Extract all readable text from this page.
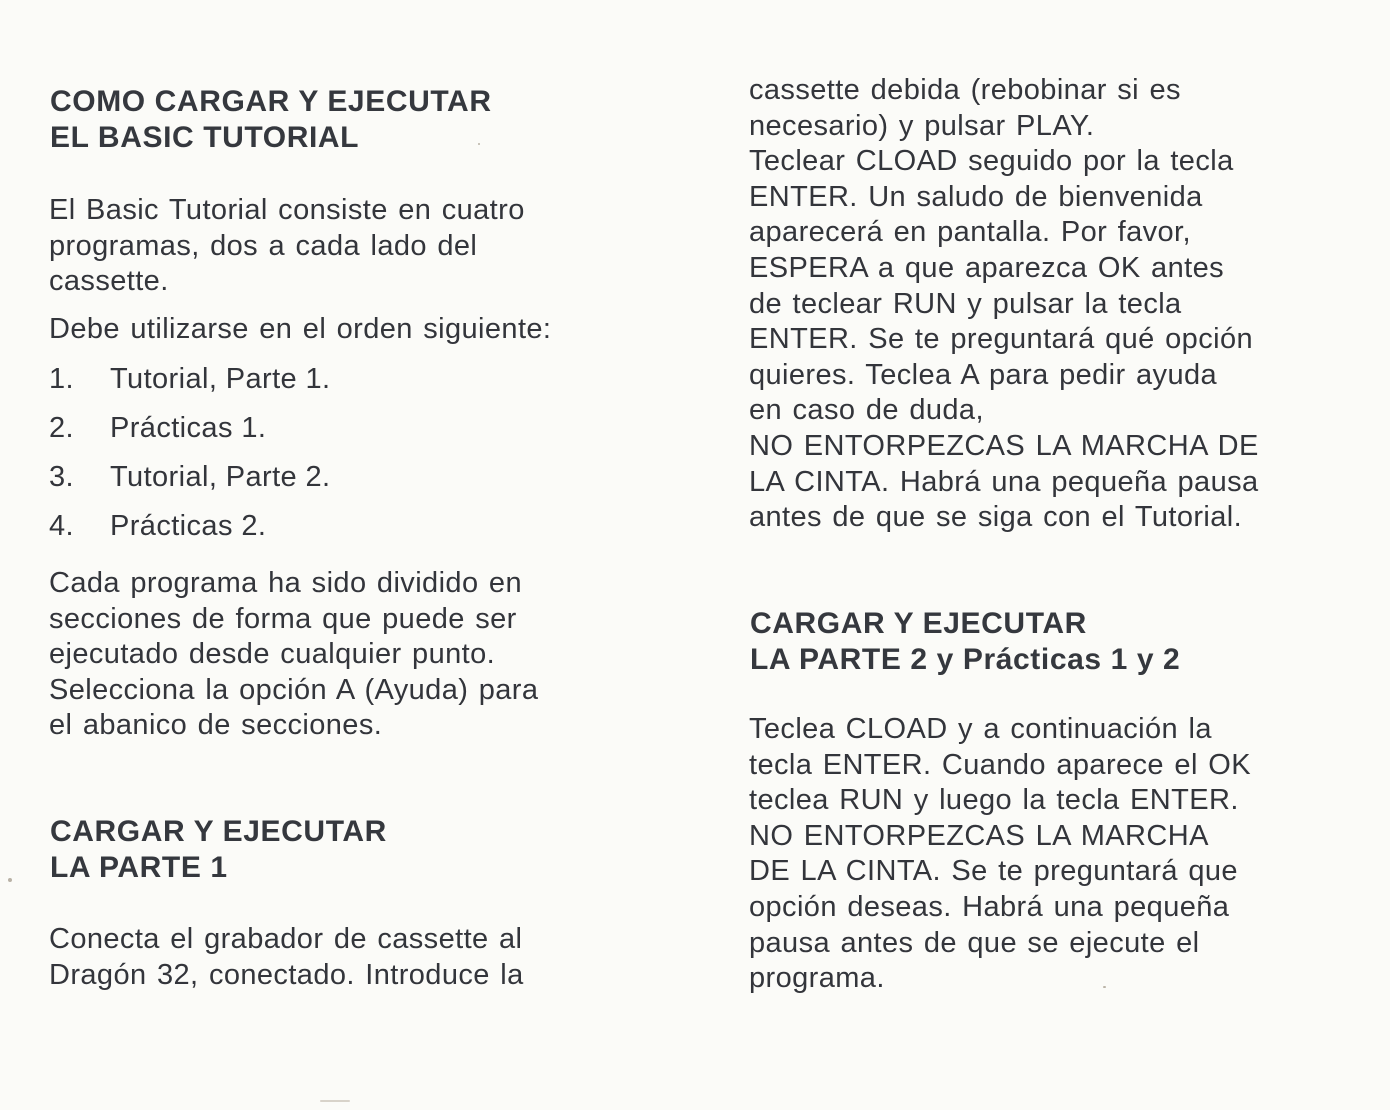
COMO CARGAR Y EJECUTAR
EL BASIC TUTORIAL

El Basic Tutorial consiste en cuatro
programas, dos a cada lado del
cassette.

Debe utilizarse en el orden siguiente:

1. Tutorial, Parte 1.
2. Prácticas 1.
3. Tutorial, Parte 2.
4. Prácticas 2.

Cada programa ha sido dividido en
secciones de forma que puede ser
ejecutado desde cualquier punto.
Selecciona la opción A (Ayuda) para
el abanico de secciones.

CARGAR Y EJECUTAR
LA PARTE 1

Conecta el grabador de cassette al
Dragón 32, conectado. Introduce la

cassette debida (rebobinar si es
necesario) y pulsar PLAY.
Teclear CLOAD seguido por la tecla
ENTER. Un saludo de bienvenida
aparecerá en pantalla. Por favor,
ESPERA a que aparezca OK antes
de teclear RUN y pulsar la tecla
ENTER. Se te preguntará qué opción
quieres. Teclea A para pedir ayuda
en caso de duda,
NO ENTORPEZCAS LA MARCHA DE
LA CINTA. Habrá una pequeña pausa
antes de que se siga con el Tutorial.

CARGAR Y EJECUTAR
LA PARTE 2 y Prácticas 1 y 2

Teclea CLOAD y a continuación la
tecla ENTER. Cuando aparece el OK
teclea RUN y luego la tecla ENTER.
NO ENTORPEZCAS LA MARCHA
DE LA CINTA. Se te preguntará que
opción deseas. Habrá una pequeña
pausa antes de que se ejecute el
programa.
